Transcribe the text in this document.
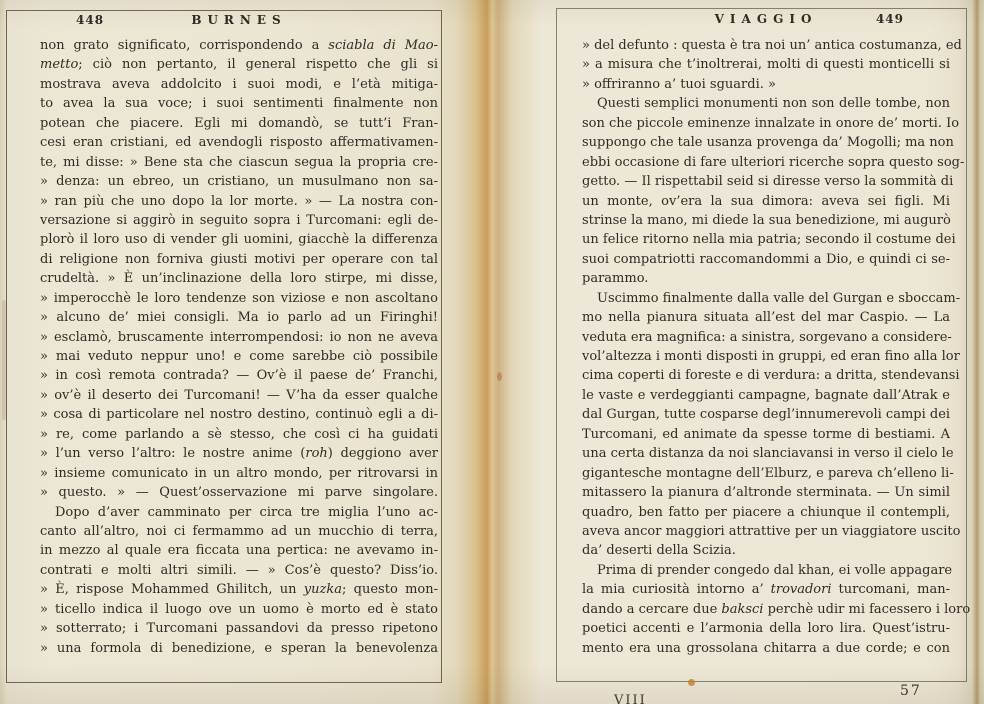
448	BURNES
non grato significato, corrispondendo a sciabla di Mao-
metto; ciò non pertanto, il general rispetto che gli si
mostrava aveva addolcito i suoi modi, e l’età mitiga-
to avea la sua voce; i suoi sentimenti finalmente non
potean che piacere. Egli mi domandò, se tutt’i Fran-
cesi eran cristiani, ed avendogli risposto affermativamen-
te, mi disse: » Bene sta che ciascun segua la propria cre-
» denza: un ebreo, un cristiano, un musulmano non sa-
» ran più che uno dopo la lor morte. » — La nostra con-
versazione si aggirò in seguito sopra i Turcomani: egli de-
plorò il loro uso di vender gli uomini, giacchè la differenza
di religione non forniva giusti motivi per operare con tal
crudeltà. » È un’inclinazione della loro stirpe, mi disse,
» imperocchè le loro tendenze son viziose e non ascoltano
» alcuno de’ miei consigli. Ma io parlo ad un Firinghi!
» esclamò, bruscamente interrompendosi: io non ne aveva
» mai veduto neppur uno! e come sarebbe ciò possibile
» in così remota contrada? — Ov’è il paese de’ Franchi,
» ov’è il deserto dei Turcomani! — V’ha da esser qualche
» cosa di particolare nel nostro destino, continuò egli a di-
» re, come parlando a sè stesso, che così ci ha guidati
» l’un verso l’altro: le nostre anime (roh) deggiono aver
» insieme comunicato in un altro mondo, per ritrovarsi in
» questo. » — Quest’osservazione mi parve singolare.
Dopo d’aver camminato per circa tre miglia l’uno ac-
canto all’altro, noi ci fermammo ad un mucchio di terra,
in mezzo al quale era ficcata una pertica: ne avevamo in-
contrati e molti altri simili. — » Cos’è questo? Diss’io.
» È, rispose Mohammed Ghilitch, un yuzka; questo mon-
» ticello indica il luogo ove un uomo è morto ed è stato
» sotterrato; i Turcomani passandovi da presso ripetono
» una formola di benedizione, e speran la benevolenza
VIAGGIO	449
» del defunto : questa è tra noi un’ antica costumanza, ed
» a misura che t’inoltrerai, molti di questi monticelli si
» offriranno a’ tuoi sguardi. »
Questi semplici monumenti non son delle tombe, non
son che piccole eminenze innalzate in onore de’ morti. Io
suppongo che tale usanza provenga da’ Mogolli; ma non
ebbi occasione di fare ulteriori ricerche sopra questo sog-
getto. — Il rispettabil seid si diresse verso la sommità di
un monte, ov’era la sua dimora: aveva sei figli. Mi
strinse la mano, mi diede la sua benedizione, mi augurò
un felice ritorno nella mia patria; secondo il costume dei
suoi compatriotti raccomandommi a Dio, e quindi ci se-
parammo.
Uscimmo finalmente dalla valle del Gurgan e sboccam-
mo nella pianura situata all’est del mar Caspio. — La
veduta era magnifica: a sinistra, sorgevano a considere-
vol’altezza i monti disposti in gruppi, ed eran fino alla lor
cima coperti di foreste e di verdura: a dritta, stendevansi
le vaste e verdeggianti campagne, bagnate dall’Atrak e
dal Gurgan, tutte cosparse degl’innumerevoli campi dei
Turcomani, ed animate da spesse torme di bestiami. A
una certa distanza da noi slanciavansi in verso il cielo le
gigantesche montagne dell’Elburz, e pareva ch’elleno li-
mitassero la pianura d’altronde sterminata. — Un simil
quadro, ben fatto per piacere a chiunque il contempli,
aveva ancor maggiori attrattive per un viaggiatore uscito
da’ deserti della Scizia.
Prima di prender congedo dal khan, ei volle appagare
la mia curiosità intorno a’ trovadori turcomani, man-
dando a cercare due baksci perchè udir mi facessero i loro
poetici accenti e l’armonia della loro lira. Quest’istru-
mento era una grossolana chitarra a due corde; e con
VIII
57
